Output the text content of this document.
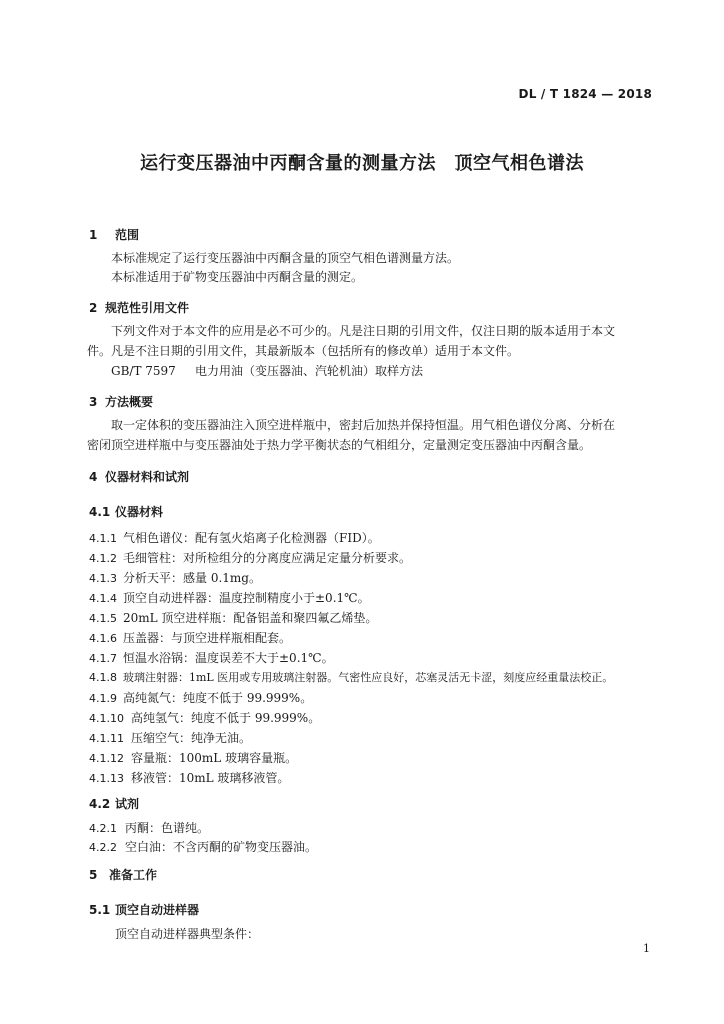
DL / T 1824 — 2018
运行变压器油中丙酮含量的测量方法　顶空气相色谱法
1 范围
本标准规定了运行变压器油中丙酮含量的顶空气相色谱测量方法。
本标准适用于矿物变压器油中丙酮含量的测定。
2 规范性引用文件
下列文件对于本文件的应用是必不可少的。凡是注日期的引用文件，仅注日期的版本适用于本文
件。凡是不注日期的引用文件，其最新版本（包括所有的修改单）适用于本文件。
GB/T 7597 电力用油（变压器油、汽轮机油）取样方法
3 方法概要
取一定体积的变压器油注入顶空进样瓶中，密封后加热并保持恒温。用气相色谱仪分离、分析在
密闭顶空进样瓶中与变压器油处于热力学平衡状态的气相组分，定量测定变压器油中丙酮含量。
4 仪器材料和试剂
4.1 仪器材料
4.1.1 气相色谱仪：配有氢火焰离子化检测器（FID）。
4.1.2 毛细管柱：对所检组分的分离度应满足定量分析要求。
4.1.3 分析天平：感量 0.1mg。
4.1.4 顶空自动进样器：温度控制精度小于±0.1℃。
4.1.5 20mL 顶空进样瓶：配备铝盖和聚四氟乙烯垫。
4.1.6 压盖器：与顶空进样瓶相配套。
4.1.7 恒温水浴锅：温度误差不大于±0.1℃。
4.1.8 玻璃注射器：1mL 医用或专用玻璃注射器。气密性应良好，芯塞灵活无卡涩，刻度应经重量法校正。
4.1.9 高纯氮气：纯度不低于 99.999%。
4.1.10 高纯氢气：纯度不低于 99.999%。
4.1.11 压缩空气：纯净无油。
4.1.12 容量瓶：100mL 玻璃容量瓶。
4.1.13 移液管：10mL 玻璃移液管。
4.2 试剂
4.2.1 丙酮：色谱纯。
4.2.2 空白油：不含丙酮的矿物变压器油。
5 准备工作
5.1 顶空自动进样器
顶空自动进样器典型条件：
1
